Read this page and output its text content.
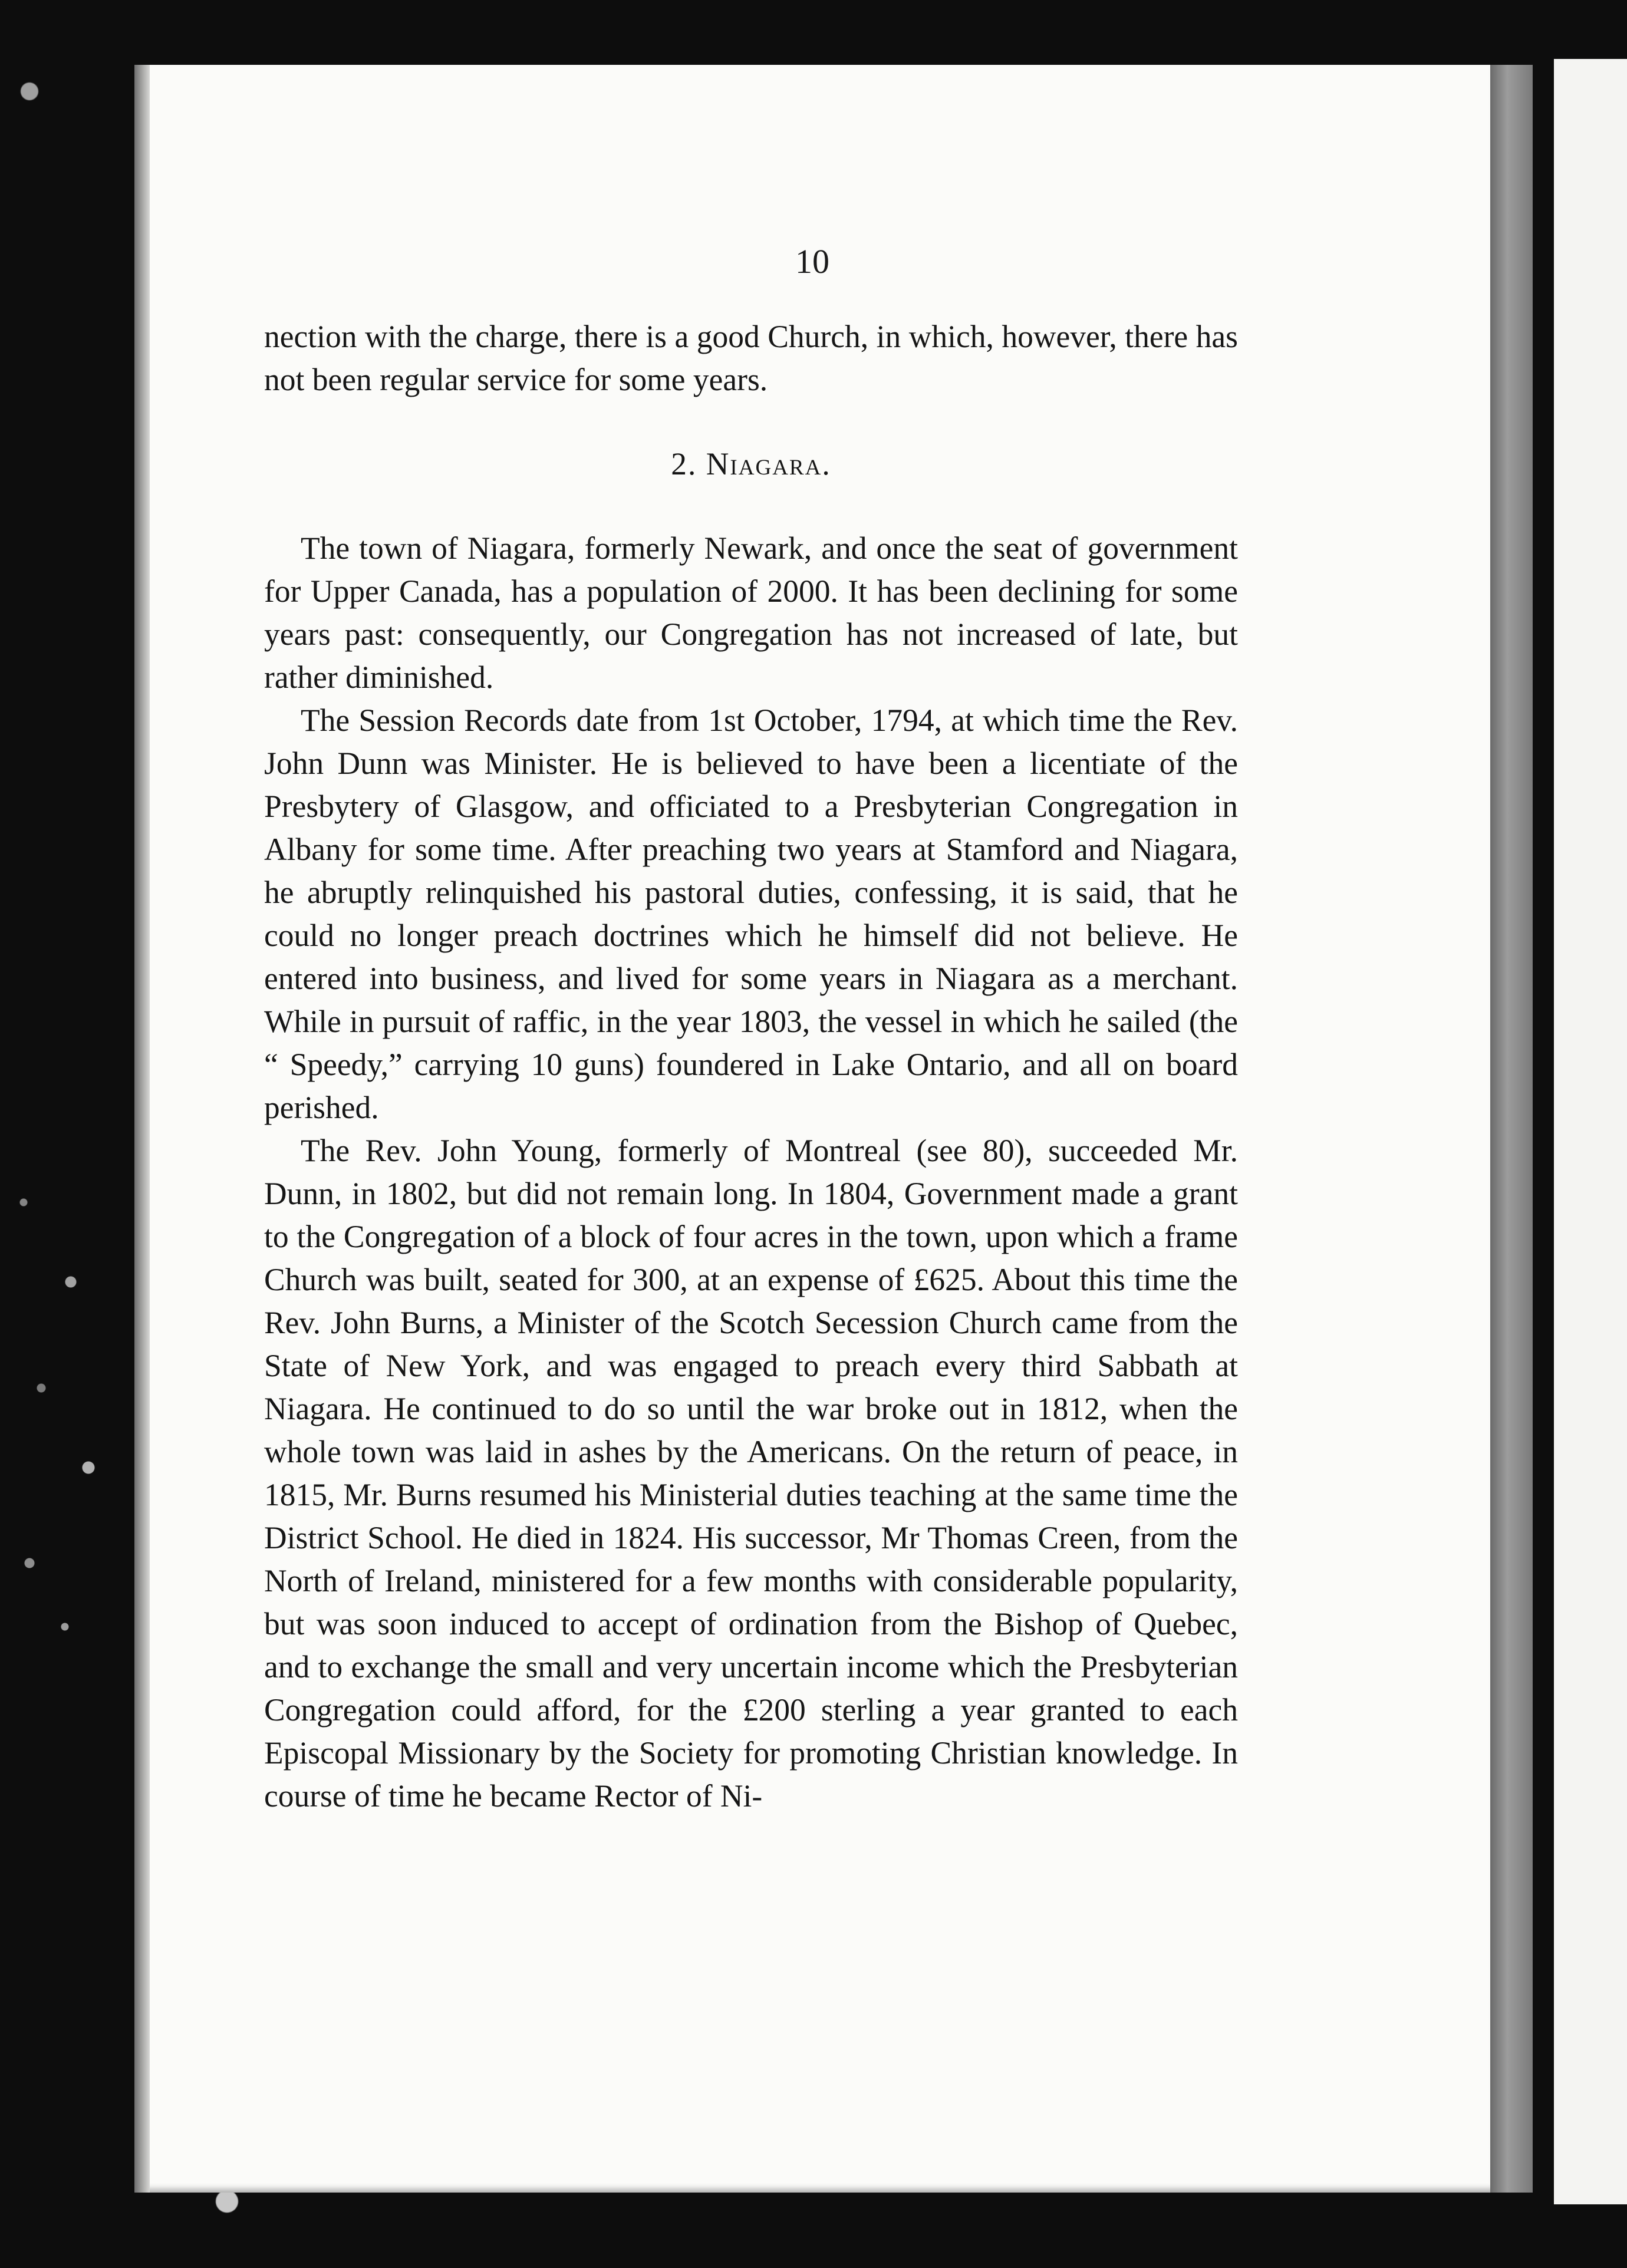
10

nection with the charge, there is a good Church, in which, however, there has not been regular service for some years.

2. Niagara.

The town of Niagara, formerly Newark, and once the seat of government for Upper Canada, has a population of 2000. It has been declining for some years past: consequently, our Congregation has not increased of late, but rather diminished.

The Session Records date from 1st October, 1794, at which time the Rev. John Dunn was Minister. He is believed to have been a licentiate of the Presbytery of Glasgow, and officiated to a Presbyterian Congregation in Albany for some time. After preaching two years at Stamford and Niagara, he abruptly relinquished his pastoral duties, confessing, it is said, that he could no longer preach doctrines which he himself did not believe. He entered into business, and lived for some years in Niagara as a merchant. While in pursuit of raffic, in the year 1803, the vessel in which he sailed (the “ Speedy,” carrying 10 guns) foundered in Lake Ontario, and all on board perished.

The Rev. John Young, formerly of Montreal (see 80), succeeded Mr. Dunn, in 1802, but did not remain long. In 1804, Government made a grant to the Congregation of a block of four acres in the town, upon which a frame Church was built, seated for 300, at an expense of £625. About this time the Rev. John Burns, a Minister of the Scotch Secession Church came from the State of New York, and was engaged to preach every third Sabbath at Niagara. He continued to do so until the war broke out in 1812, when the whole town was laid in ashes by the Americans. On the return of peace, in 1815, Mr. Burns resumed his Ministerial duties teaching at the same time the District School. He died in 1824. His successor, Mr Thomas Creen, from the North of Ireland, ministered for a few months with considerable popularity, but was soon induced to accept of ordination from the Bishop of Quebec, and to exchange the small and very uncertain income which the Presbyterian Congregation could afford, for the £200 sterling a year granted to each Episcopal Missionary by the Society for promoting Christian knowledge. In course of time he became Rector of Ni-
